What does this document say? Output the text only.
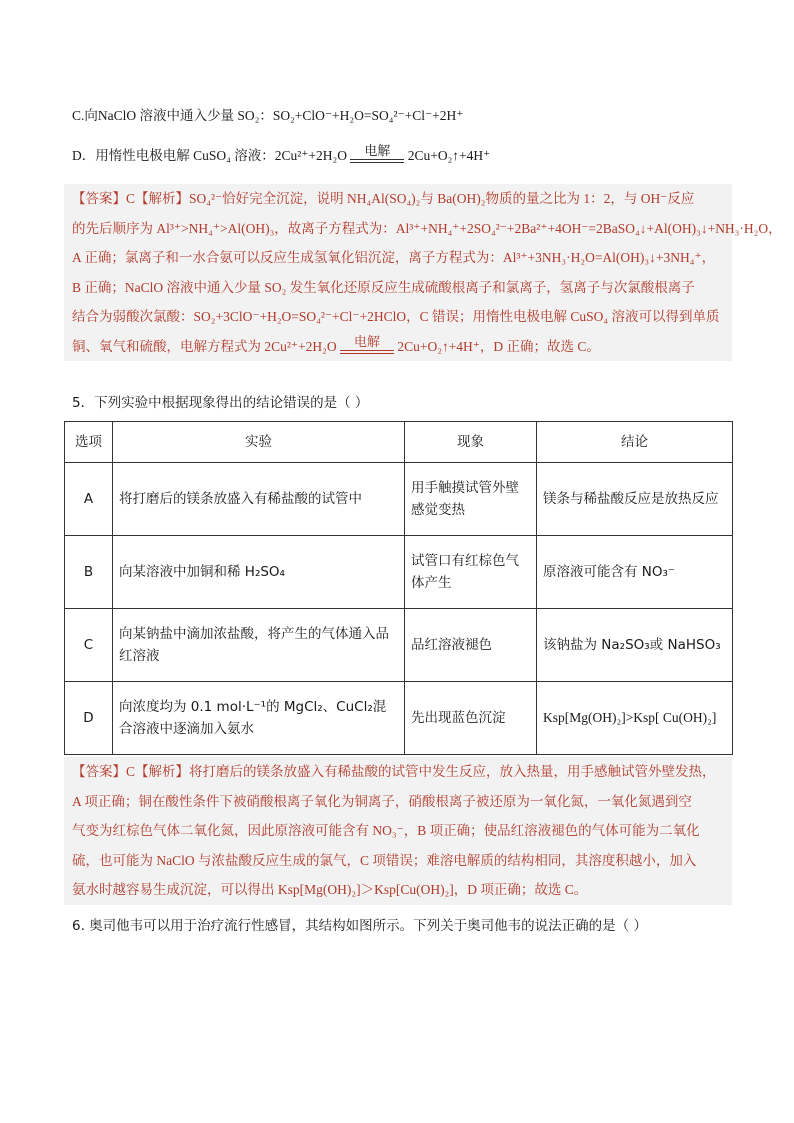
C.向NaClO 溶液中通入少量 SO₂：SO₂+ClO⁻+H₂O=SO₄²⁻+Cl⁻+2H⁺
D．用惰性电极电解 CuSO₄ 溶液：2Cu²⁺+2H₂O	电解	2Cu+O₂↑+4H⁺
【答案】C【解析】SO₄²⁻恰好完全沉淀，说明 NH₄Al(SO₄)₂与 Ba(OH)₂物质的量之比为 1：2，与 OH⁻反应
的先后顺序为 Al³⁺>NH₄⁺>Al(OH)₃，故离子方程式为：Al³⁺+NH₄⁺+2SO₄²⁻+2Ba²⁺+4OH⁻=2BaSO₄↓+Al(OH)₃↓+NH₃·H₂O，
A 正确；氯离子和一水合氨可以反应生成氢氧化铝沉淀，离子方程式为：Al³⁺+3NH₃·H₂O=Al(OH)₃↓+3NH₄⁺，
B 正确；NaClO 溶液中通入少量 SO₂ 发生氧化还原反应生成硫酸根离子和氯离子，氢离子与次氯酸根离子
结合为弱酸次氯酸：SO₂+3ClO⁻+H₂O=SO₄²⁻+Cl⁻+2HClO，C 错误；用惰性电极电解 CuSO₄ 溶液可以得到单质
铜、氧气和硫酸，电解方程式为 2Cu²⁺+2H₂O	电解	2Cu+O₂↑+4H⁺，D 正确；故选 C。
5．下列实验中根据现象得出的结论错误的是（ ）
选项	实验	现象	结论
A	将打磨后的镁条放盛入有稀盐酸的试管中	用手触摸试管外壁感觉变热	镁条与稀盐酸反应是放热反应
B	向某溶液中加铜和稀 H₂SO₄	试管口有红棕色气体产生	原溶液可能含有 NO₃⁻
C	向某钠盐中滴加浓盐酸，将产生的气体通入品红溶液	品红溶液褪色	该钠盐为 Na₂SO₃或 NaHSO₃
D	向浓度均为 0.1 mol·L⁻¹的 MgCl₂、CuCl₂混合溶液中逐滴加入氨水	先出现蓝色沉淀	Ksp[Mg(OH)₂]>Ksp[ Cu(OH)₂]
【答案】C【解析】将打磨后的镁条放盛入有稀盐酸的试管中发生反应，放入热量，用手感触试管外壁发热，
A 项正确；铜在酸性条件下被硝酸根离子氧化为铜离子，硝酸根离子被还原为一氧化氮，一氧化氮遇到空
气变为红棕色气体二氧化氮，因此原溶液可能含有 NO₃⁻，B 项正确；使品红溶液褪色的气体可能为二氧化
硫，也可能为 NaClO 与浓盐酸反应生成的氯气，C 项错误；难溶电解质的结构相同，其溶度积越小，加入
氨水时越容易生成沉淀，可以得出 Ksp[Mg(OH)₂]＞Ksp[Cu(OH)₂]，D 项正确；故选 C。
6. 奥司他韦可以用于治疗流行性感冒，其结构如图所示。下列关于奥司他韦的说法正确的是（ ）
